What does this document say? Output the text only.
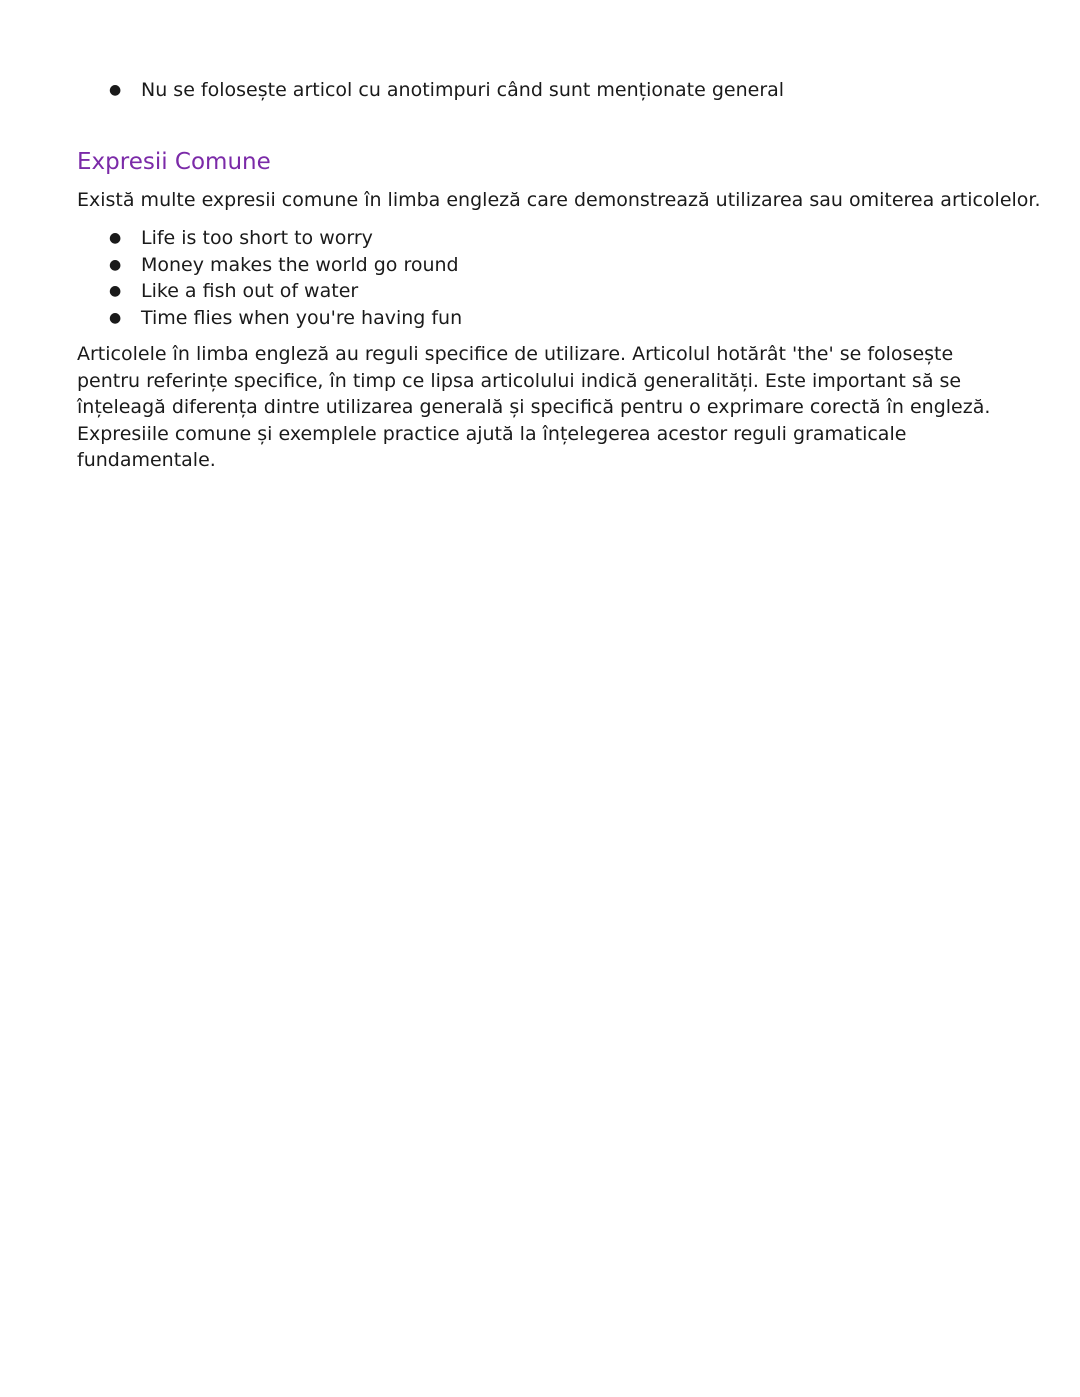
● Nu se folosește articol cu anotimpuri când sunt menționate general
Expresii Comune

Există multe expresii comune în limba engleză care demonstrează utilizarea sau omiterea articolelor.

● Life is too short to worry
● Money makes the world go round
● Like a fish out of water
● Time flies when you're having fun

Articolele în limba engleză au reguli specifice de utilizare. Articolul hotărât 'the' se folosește pentru referințe specifice, în timp ce lipsa articolului indică generalități. Este important să se înțeleagă diferența dintre utilizarea generală și specifică pentru o exprimare corectă în engleză. Expresiile comune și exemplele practice ajută la înțelegerea acestor reguli gramaticale fundamentale.
